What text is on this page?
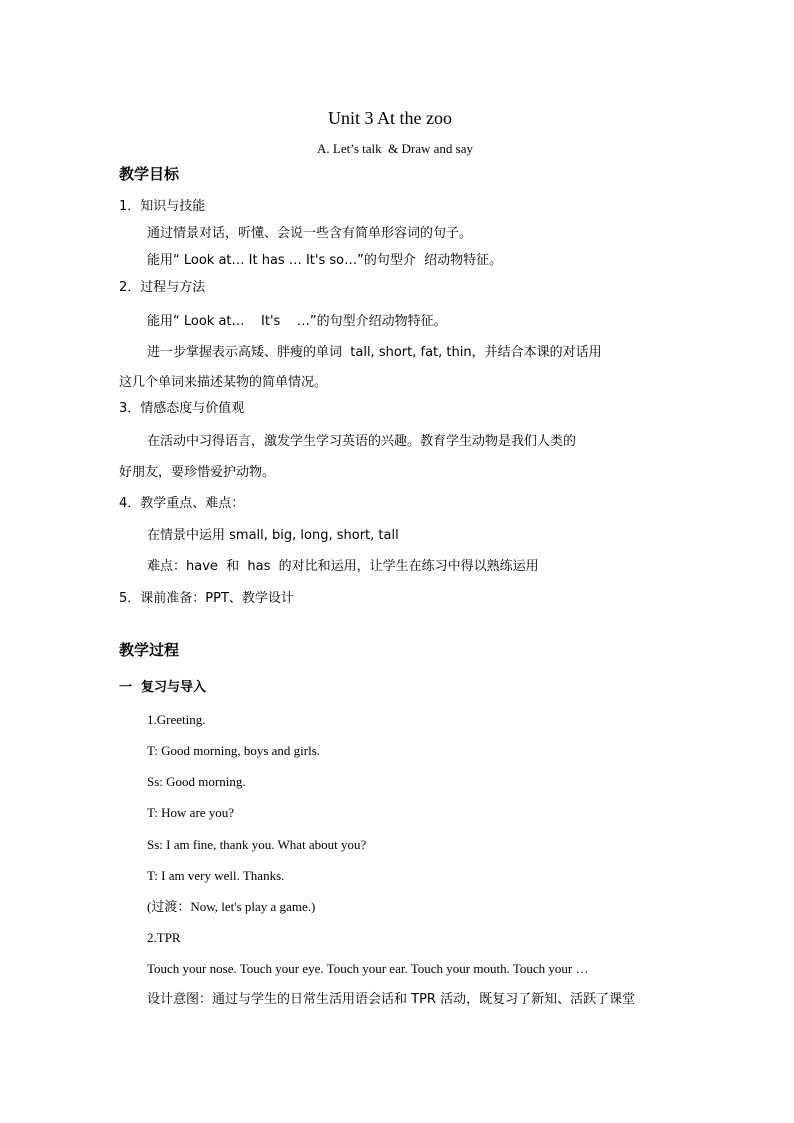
Unit 3 At the zoo
A. Let’s talk  & Draw and say
教学目标
1．知识与技能
通过情景对话，听懂、会说一些含有简单形容词的句子。
能用“ Look at… It has … It's so…”的句型介  绍动物特征。
2．过程与方法
能用“ Look at…    It's    …”的句型介绍动物特征。
进一步掌握表示高矮、胖瘦的单词  tall, short, fat, thin，并结合本课的对话用
这几个单词来描述某物的简单情况。
3．情感态度与价值观
在活动中习得语言，激发学生学习英语的兴趣。教育学生动物是我们人类的
好朋友，要珍惜爱护动物。
4．教学重点、难点：
在情景中运用 small, big, long, short, tall
难点：have  和  has  的对比和运用，让学生在练习中得以熟练运用
5．课前准备：PPT、教学设计
教学过程
一  复习与导入
1.Greeting.
T: Good morning, boys and girls.
Ss: Good morning.
T: How are you?
Ss: I am fine, thank you. What about you?
T: I am very well. Thanks.
(过渡：Now, let's play a game.)
2.TPR
Touch your nose. Touch your eye. Touch your ear. Touch your mouth. Touch your …
设计意图：通过与学生的日常生活用语会话和 TPR 活动，既复习了新知、活跃了课堂
